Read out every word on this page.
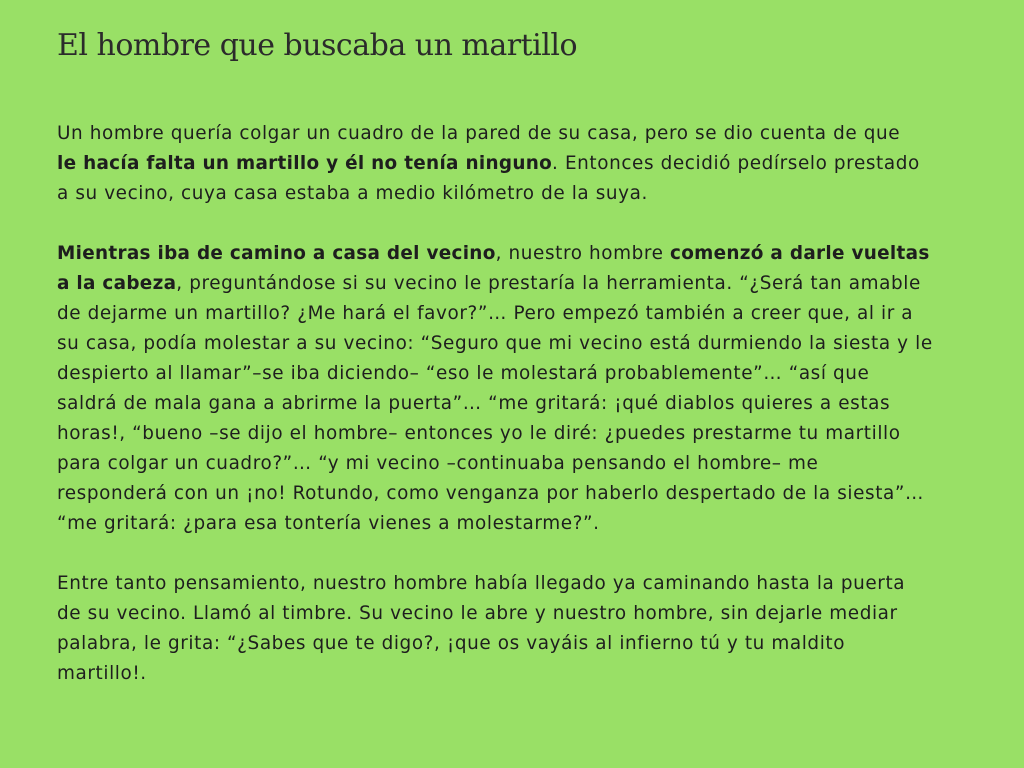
El hombre que buscaba un martillo

Un hombre quería colgar un cuadro de la pared de su casa, pero se dio cuenta de que
le hacía falta un martillo y él no tenía ninguno. Entonces decidió pedírselo prestado
a su vecino, cuya casa estaba a medio kilómetro de la suya.

Mientras iba de camino a casa del vecino, nuestro hombre comenzó a darle vueltas
a la cabeza, preguntándose si su vecino le prestaría la herramienta. “¿Será tan amable
de dejarme un martillo? ¿Me hará el favor?”… Pero empezó también a creer que, al ir a
su casa, podía molestar a su vecino: “Seguro que mi vecino está durmiendo la siesta y le
despierto al llamar”–se iba diciendo– “eso le molestará probablemente”… “así que
saldrá de mala gana a abrirme la puerta”… “me gritará: ¡qué diablos quieres a estas
horas!, “bueno –se dijo el hombre– entonces yo le diré: ¿puedes prestarme tu martillo
para colgar un cuadro?”… “y mi vecino –continuaba pensando el hombre– me
responderá con un ¡no! Rotundo, como venganza por haberlo despertado de la siesta”…
“me gritará: ¿para esa tontería vienes a molestarme?”.

Entre tanto pensamiento, nuestro hombre había llegado ya caminando hasta la puerta
de su vecino. Llamó al timbre. Su vecino le abre y nuestro hombre, sin dejarle mediar
palabra, le grita: “¿Sabes que te digo?, ¡que os vayáis al infierno tú y tu maldito
martillo!.
